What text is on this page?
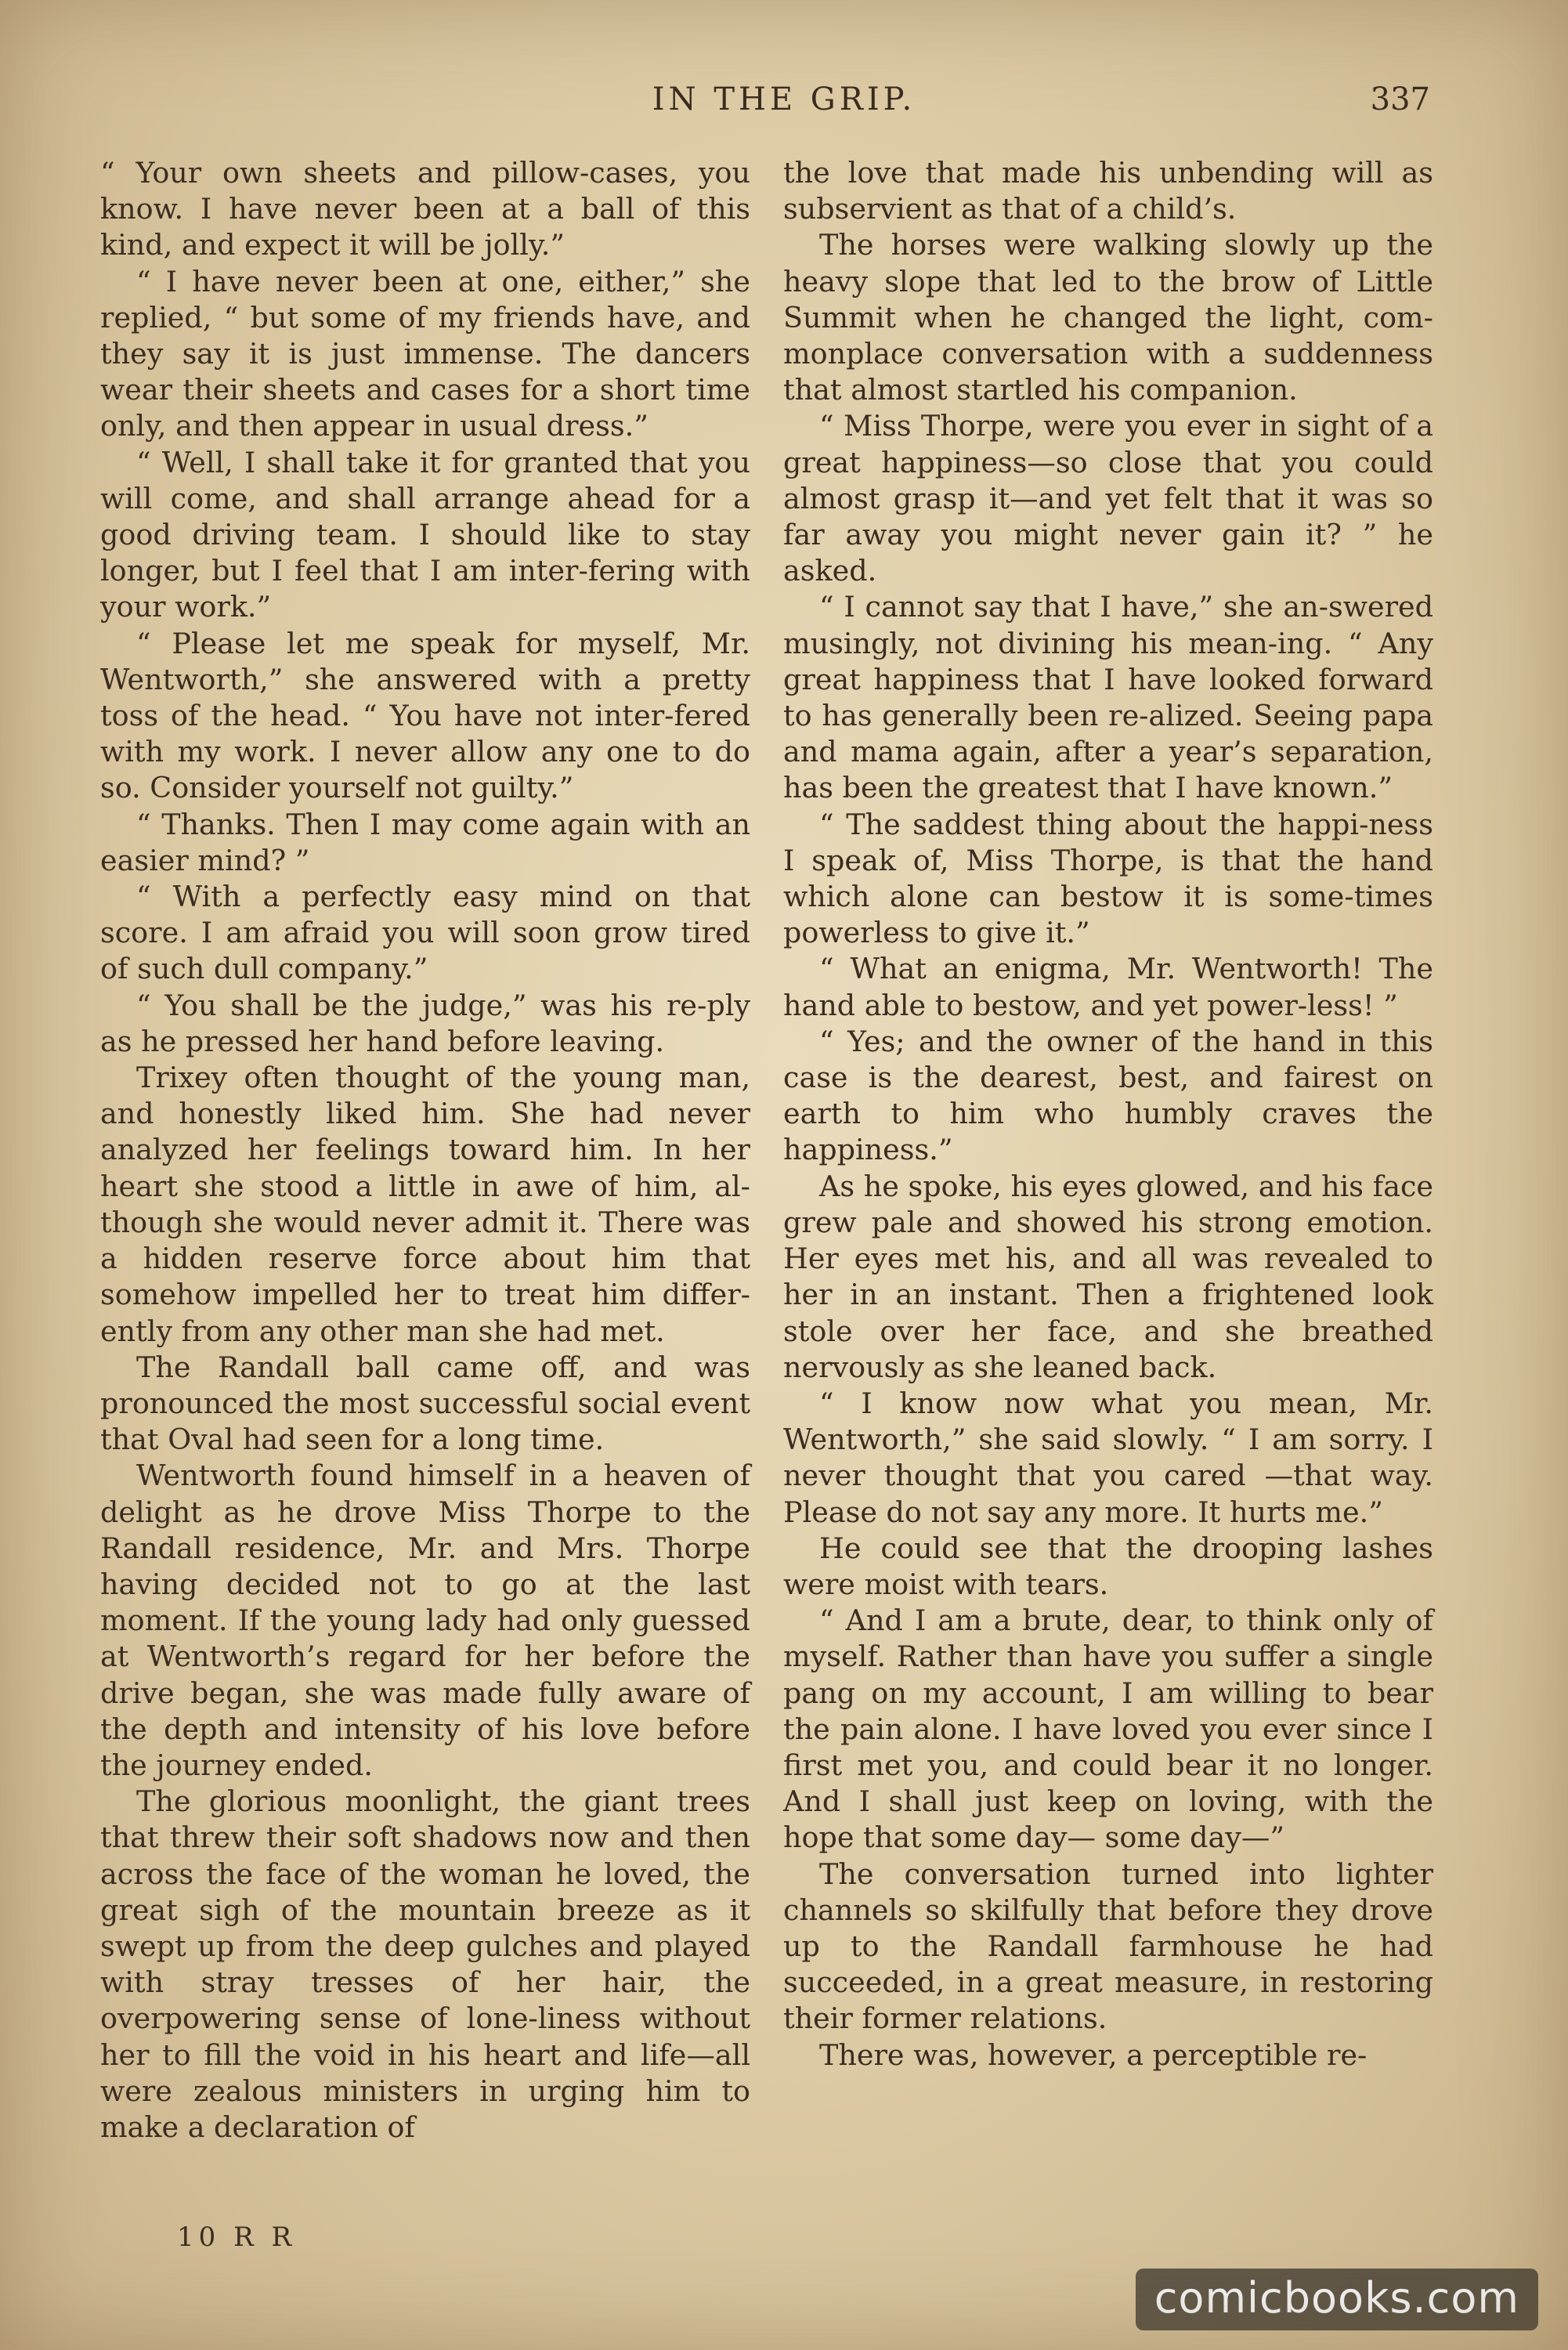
IN THE GRIP.	337

“ Your own sheets and pillow-cases, you know. I have never been at a ball of this kind, and expect it will be jolly.”

“ I have never been at one, either,” she replied, “ but some of my friends have, and they say it is just immense. The dancers wear their sheets and cases for a short time only, and then appear in usual dress.”

“ Well, I shall take it for granted that you will come, and shall arrange ahead for a good driving team. I should like to stay longer, but I feel that I am inter-fering with your work.”

“ Please let me speak for myself, Mr. Wentworth,” she answered with a pretty toss of the head. “ You have not inter-fered with my work. I never allow any one to do so. Consider yourself not guilty.”

“ Thanks. Then I may come again with an easier mind? ”

“ With a perfectly easy mind on that score. I am afraid you will soon grow tired of such dull company.”

“ You shall be the judge,” was his re-ply as he pressed her hand before leaving.

Trixey often thought of the young man, and honestly liked him. She had never analyzed her feelings toward him. In her heart she stood a little in awe of him, al-though she would never admit it. There was a hidden reserve force about him that somehow impelled her to treat him differ-ently from any other man she had met.

The Randall ball came off, and was pronounced the most successful social event that Oval had seen for a long time.

Wentworth found himself in a heaven of delight as he drove Miss Thorpe to the Randall residence, Mr. and Mrs. Thorpe having decided not to go at the last moment. If the young lady had only guessed at Wentworth’s regard for her before the drive began, she was made fully aware of the depth and intensity of his love before the journey ended.

The glorious moonlight, the giant trees that threw their soft shadows now and then across the face of the woman he loved, the great sigh of the mountain breeze as it swept up from the deep gulches and played with stray tresses of her hair, the overpowering sense of lone-liness without her to fill the void in his heart and life—all were zealous ministers in urging him to make a declaration of

the love that made his unbending will as subservient as that of a child’s.

The horses were walking slowly up the heavy slope that led to the brow of Little Summit when he changed the light, com-monplace conversation with a suddenness that almost startled his companion.

“ Miss Thorpe, were you ever in sight of a great happiness—so close that you could almost grasp it—and yet felt that it was so far away you might never gain it? ” he asked.

“ I cannot say that I have,” she an-swered musingly, not divining his mean-ing. “ Any great happiness that I have looked forward to has generally been re-alized. Seeing papa and mama again, after a year’s separation, has been the greatest that I have known.”

“ The saddest thing about the happi-ness I speak of, Miss Thorpe, is that the hand which alone can bestow it is some-times powerless to give it.”

“ What an enigma, Mr. Wentworth! The hand able to bestow, and yet power-less! ”

“ Yes; and the owner of the hand in this case is the dearest, best, and fairest on earth to him who humbly craves the happiness.”

As he spoke, his eyes glowed, and his face grew pale and showed his strong emotion. Her eyes met his, and all was revealed to her in an instant. Then a frightened look stole over her face, and she breathed nervously as she leaned back.

“ I know now what you mean, Mr. Wentworth,” she said slowly. “ I am sorry. I never thought that you cared —that way. Please do not say any more. It hurts me.”

He could see that the drooping lashes were moist with tears.

“ And I am a brute, dear, to think only of myself. Rather than have you suffer a single pang on my account, I am willing to bear the pain alone. I have loved you ever since I first met you, and could bear it no longer. And I shall just keep on loving, with the hope that some day— some day—”

The conversation turned into lighter channels so skilfully that before they drove up to the Randall farmhouse he had succeeded, in a great measure, in restoring their former relations.

There was, however, a perceptible re-

10 R R
comicbooks.com
